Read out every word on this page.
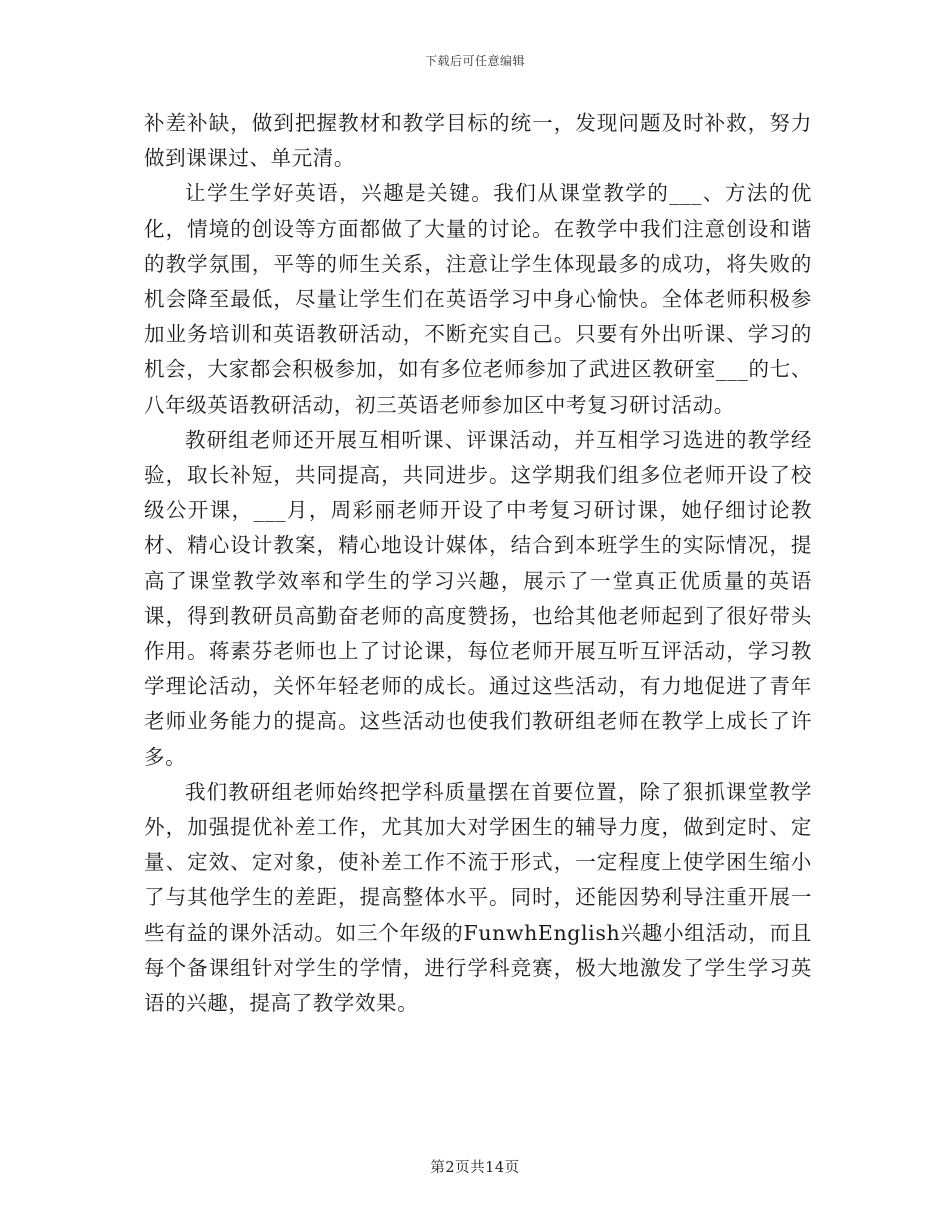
下载后可任意编辑

补差补缺，做到把握教材和教学目标的统一，发现问题及时补救，努力做到课课过、单元清。

让学生学好英语，兴趣是关键。我们从课堂教学的___、方法的优化，情境的创设等方面都做了大量的讨论。在教学中我们注意创设和谐的教学氛围，平等的师生关系，注意让学生体现最多的成功，将失败的机会降至最低，尽量让学生们在英语学习中身心愉快。全体老师积极参加业务培训和英语教研活动，不断充实自己。只要有外出听课、学习的机会，大家都会积极参加，如有多位老师参加了武进区教研室___的七、八年级英语教研活动，初三英语老师参加区中考复习研讨活动。

教研组老师还开展互相听课、评课活动，并互相学习选进的教学经验，取长补短，共同提高，共同进步。这学期我们组多位老师开设了校级公开课，___月，周彩丽老师开设了中考复习研讨课，她仔细讨论教材、精心设计教案，精心地设计媒体，结合到本班学生的实际情况，提高了课堂教学效率和学生的学习兴趣，展示了一堂真正优质量的英语课，得到教研员高勤奋老师的高度赞扬，也给其他老师起到了很好带头作用。蒋素芬老师也上了讨论课，每位老师开展互听互评活动，学习教学理论活动，关怀年轻老师的成长。通过这些活动，有力地促进了青年老师业务能力的提高。这些活动也使我们教研组老师在教学上成长了许多。

我们教研组老师始终把学科质量摆在首要位置，除了狠抓课堂教学外，加强提优补差工作，尤其加大对学困生的辅导力度，做到定时、定量、定效、定对象，使补差工作不流于形式，一定程度上使学困生缩小了与其他学生的差距，提高整体水平。同时，还能因势利导注重开展一些有益的课外活动。如三个年级的FunwhEnglish兴趣小组活动，而且每个备课组针对学生的学情，进行学科竞赛，极大地激发了学生学习英语的兴趣，提高了教学效果。

第2页共14页
